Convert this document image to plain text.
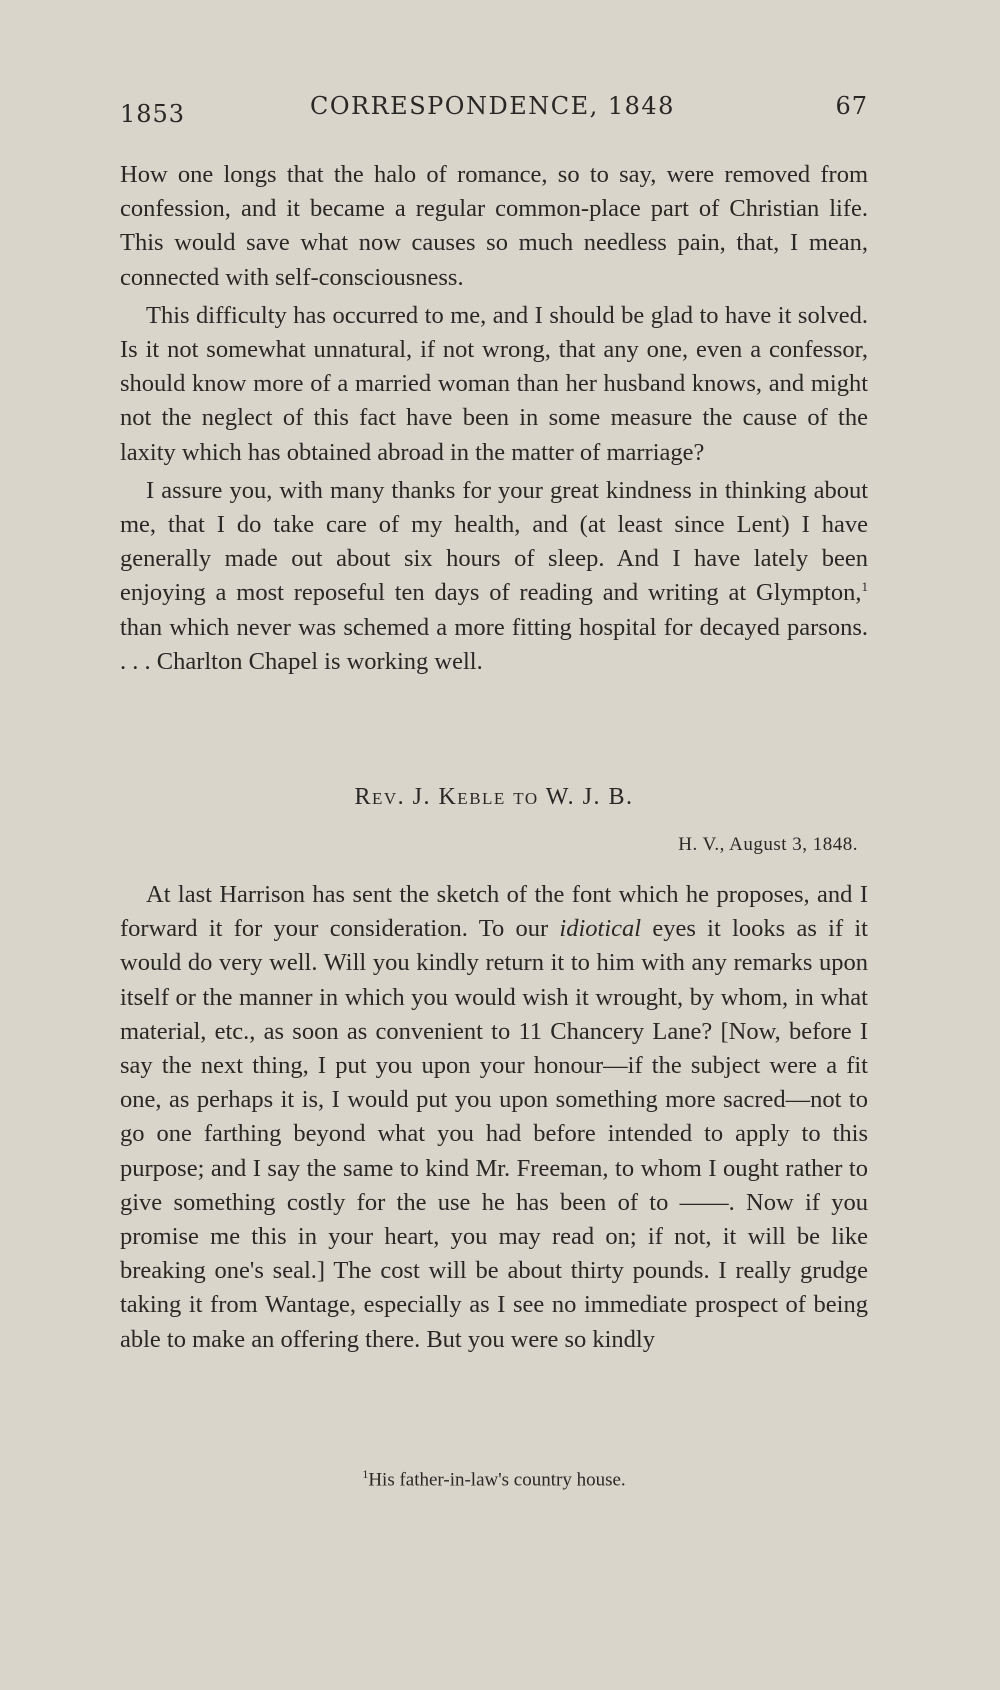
1853	CORRESPONDENCE, 1848	67

How one longs that the halo of romance, so to say, were removed from confession, and it became a regular common-place part of Christian life. This would save what now causes so much needless pain, that, I mean, connected with self-consciousness.

This difficulty has occurred to me, and I should be glad to have it solved. Is it not somewhat unnatural, if not wrong, that any one, even a confessor, should know more of a married woman than her husband knows, and might not the neglect of this fact have been in some measure the cause of the laxity which has obtained abroad in the matter of marriage?

I assure you, with many thanks for your great kindness in thinking about me, that I do take care of my health, and (at least since Lent) I have generally made out about six hours of sleep. And I have lately been enjoying a most reposeful ten days of reading and writing at Glympton,$^1$ than which never was schemed a more fitting hospital for decayed parsons. . . . Charlton Chapel is working well.

Rev. J. Keble to W. J. B.
H. V., August 3, 1848.

At last Harrison has sent the sketch of the font which he proposes, and I forward it for your consideration. To our idiotical eyes it looks as if it would do very well. Will you kindly return it to him with any remarks upon itself or the manner in which you would wish it wrought, by whom, in what material, etc., as soon as convenient to 11 Chancery Lane? [Now, before I say the next thing, I put you upon your honour—if the subject were a fit one, as perhaps it is, I would put you upon something more sacred—not to go one farthing beyond what you had before intended to apply to this purpose; and I say the same to kind Mr. Freeman, to whom I ought rather to give something costly for the use he has been of to ——. Now if you promise me this in your heart, you may read on; if not, it will be like breaking one's seal.] The cost will be about thirty pounds. I really grudge taking it from Wantage, especially as I see no immediate prospect of being able to make an offering there. But you were so kindly

$^1$His father-in-law's country house.
